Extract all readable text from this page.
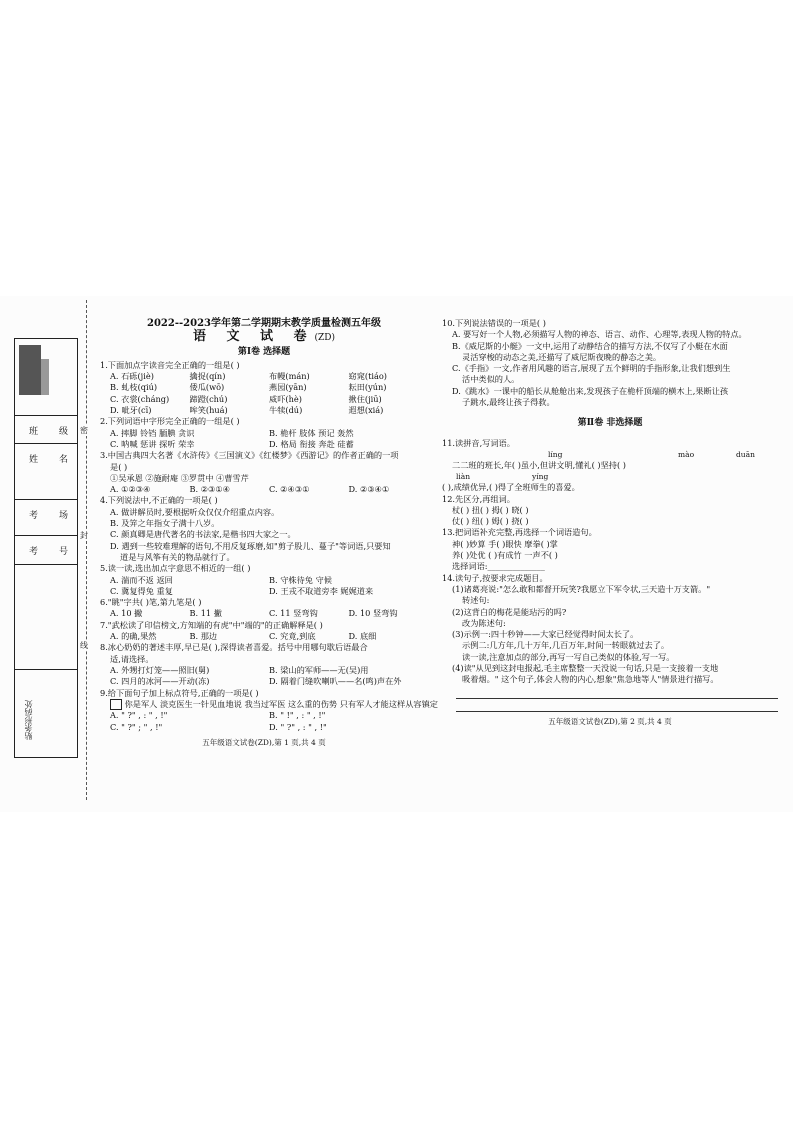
班 级
姓 名
考 场
考 号
贴条形码处
密
封
线
2022--2023学年第二学期期末教学质量检测五年级
语 文 试 卷(ZD)
第Ⅰ卷 选择题
1.下面加点字读音完全正确的一组是( )
A. 石砾(jiè)	擒捉(qín)	布幔(mán)	窈窕(tiáo)
B. 虬枝(qiú)	倭瓜(wō)	燕园(yān)	耘田(yún)
C. 衣裳(cháng)	蹄蹬(chú)	威吓(hè)	揪住(jiū)
D. 呲牙(cī)	哞笑(huá)	牛犊(dú)	遐想(xiá)
2.下列词语中字形完全正确的一组是( )
A. 摔脚 铃铛 腼腆 贪识	B. 桅杆 肢体 预记 轰然
C. 呐喊 惩讲 探听 荣幸	D. 格局 衔接 奔赴 硅蓄
3.中国古典四大名著《水浒传》《三国演义》《红楼梦》《西游记》的作者正确的一项
是( )
①吴承恩 ②施耐庵 ③罗贯中 ④曹雪芹
A. ①②③④	B. ②③①④	C. ②④③①	D. ②③④①
4.下列说法中,不正确的一项是( )
A. 做讲解员时,要根据听众仅仅介绍重点内容。
B. 及笄之年指女子满十八岁。
C. 颜真卿是唐代著名的书法家,是楷书四大家之一。
D. 遇到一些较难理解的语句,不用反复琢磨,如"剪子股儿、蔓子"等词语,只要知
道是与风筝有关的物品就行了。
5.读一读,选出加点字意思不相近的一组( )
A. 湍而不返 返回	B. 守株待兔 守候
C. 冀复得兔 重复	D. 王戎不取道旁李 娓娓道来
6."眺"字共( )笔,第九笔是( )
A. 10 撇	B. 11 撇	C. 11 竖弯钩	D. 10 竖弯钩
7."武松读了印信榜文,方知端的有虎"中"端的"的正确解释是( )
A. 的确,果然	B. 那边	C. 究竟,到底	D. 底细
8.冰心奶奶的著述丰厚,早已是( ),深得读者喜爱。括号中用哪句歇后语最合
适,请选择。
A. 外甥打灯笼——照旧(舅)	B. 梁山的军师——无(吴)用
C. 四月的冰河——开动(冻)	D. 隔着门缝吹喇叭——名(鸣)声在外
9.给下面句子加上标点符号,正确的一项是( )
你是军人 淡克医生一针见血地说 我当过军医 这么重的伤势 只有军人才能这样从容镇定
A. " ?" , : " , !"	B. " !" , : " , !"
C. " ?" ; " , !"	D. " ?" , : " , !"
五年级语文试卷(ZD),第 1 页,共 4 页
10.下列说法错误的一项是( )
A. 要写好一个人物,必须描写人物的神态、语言、动作、心理等,表现人物的特点。
B.《威尼斯的小艇》一文中,运用了动静结合的描写方法,不仅写了小艇在水面
灵活穿梭的动态之美,还描写了威尼斯夜晚的静态之美。
C.《手指》一文,作者用风趣的语言,展现了五个鲜明的手指形象,让我们想到生
活中类似的人。
D.《跳水》一课中的船长从舱舱出来,发现孩子在桅杆顶端的横木上,果断让孩
子跳水,最终让孩子得救。
第Ⅱ卷 非选择题
11.读拼音,写词语。
líng	mào	duān
二二班的班长,年( )虽小,但讲文明,懂礼( )坚持( )
liàn	yíng
( ),成绩优异,( )得了全班师生的喜爱。
12.先区分,再组词。
杖( ) 扭( ) 拇( ) 晓( )
仗( ) 纽( ) 姆( ) 挠( )
13.把词语补充完整,再选择一个词语造句。
神( )妙算 手( )眼快 摩拳( )掌
养( )处优 ( )有成竹 一声不( )
选择词语:______________
14.读句子,按要求完成题目。
(1)诸葛亮说:"怎么敢和都督开玩笑?我愿立下军令状,三天造十万支箭。"
转述句:
(2)这背白的梅花是能玷污的吗?
改为陈述句:
(3)示例一:四十秒钟——大家已经觉得时间太长了。
示例二:几方年,几十万年,几百万年,时间一转眼就过去了。
读一读,注意加点的部分,再写一写自己类似的体验,写一写。
(4)读"从见到这封电报起,毛主席整整一天没说一句话,只是一支接着一支地
吸着烟。" 这个句子,体会人物的内心,想象"焦急地等人"情景进行描写。
五年级语文试卷(ZD),第 2 页,共 4 页
